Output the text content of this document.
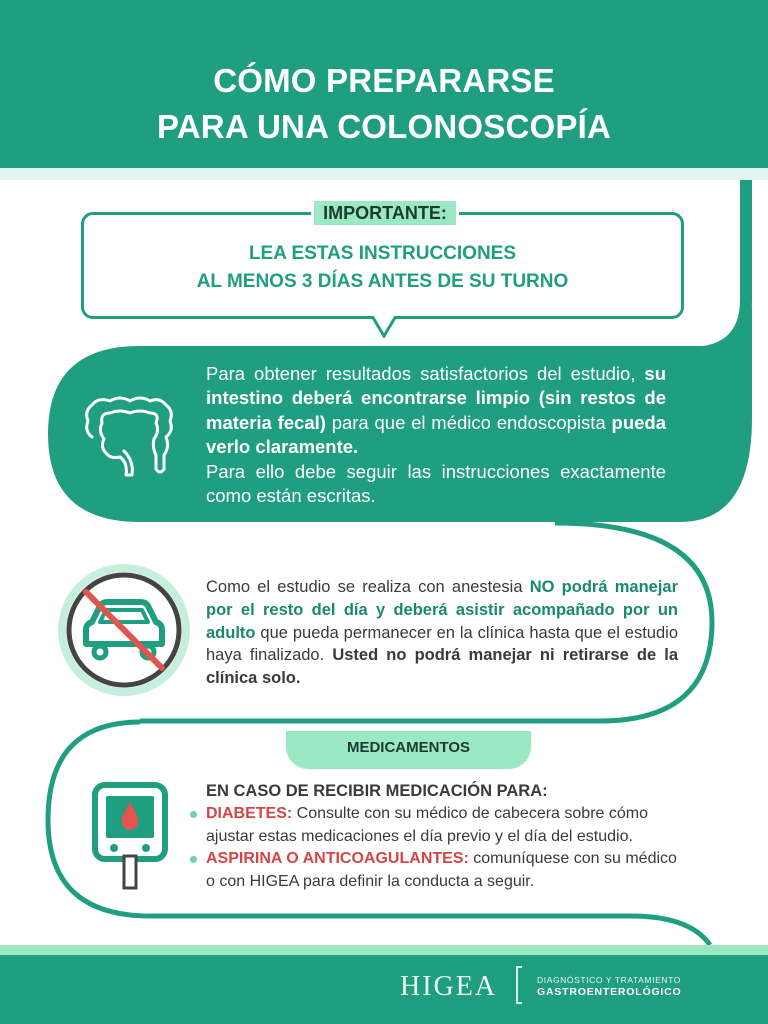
CÓMO PREPARARSE
PARA UNA COLONOSCOPÍA
IMPORTANTE:
LEA ESTAS INSTRUCCIONES
AL MENOS 3 DÍAS ANTES DE SU TURNO
Para obtener resultados satisfactorios del estudio, su intestino deberá encontrarse limpio (sin restos de materia fecal) para que el médico endoscopista pueda verlo claramente.
Para ello debe seguir las instrucciones exactamente como están escritas.
Como el estudio se realiza con anestesia NO podrá manejar por el resto del día y deberá asistir acompañado por un adulto que pueda permanecer en la clínica hasta que el estudio haya finalizado. Usted no podrá manejar ni retirarse de la clínica solo.
MEDICAMENTOS
EN CASO DE RECIBIR MEDICACIÓN PARA:
DIABETES: Consulte con su médico de cabecera sobre cómo ajustar estas medicaciones el día previo y el día del estudio.
ASPIRINA O ANTICOAGULANTES: comuníquese con su médico o con HIGEA para definir la conducta a seguir.
HIGEA	DIAGNÓSTICO Y TRATAMIENTO
GASTROENTEROLÓGICO
